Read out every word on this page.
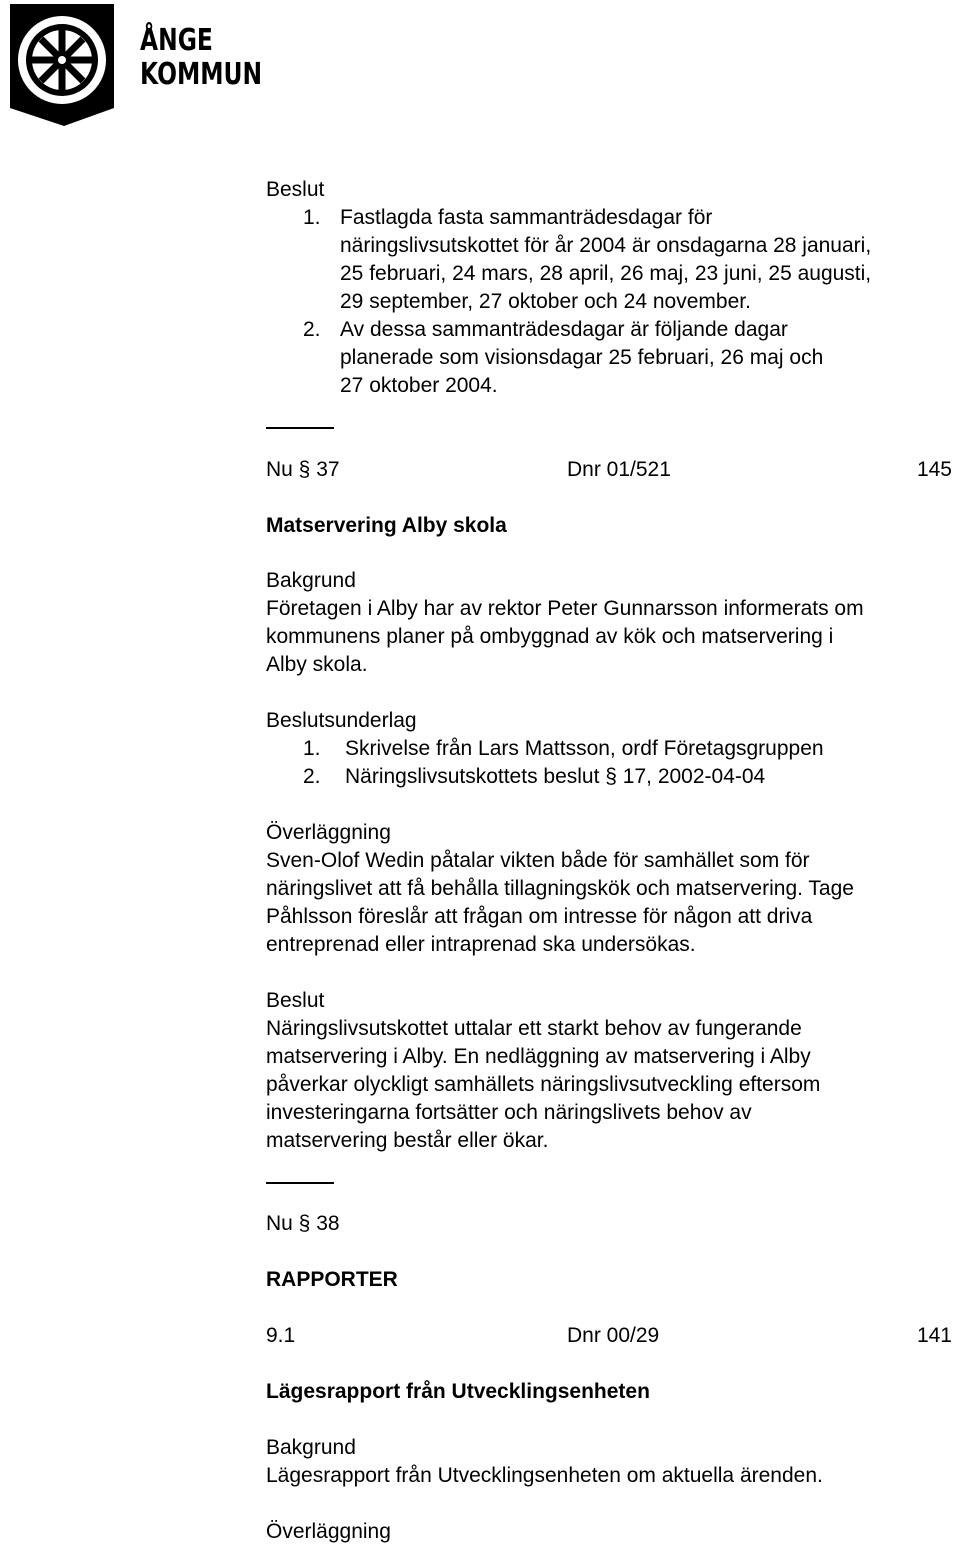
ÅNGE
KOMMUN
Beslut
1. Fastlagda fasta sammanträdesdagar för
näringslivsutskottet för år 2004 är onsdagarna 28 januari,
25 februari, 24 mars, 28 april, 26 maj, 23 juni, 25 augusti,
29 september, 27 oktober och 24 november.
2. Av dessa sammanträdesdagar är följande dagar
planerade som visionsdagar 25 februari, 26 maj och
27 oktober 2004.
Nu § 37	Dnr 01/521	145
Matservering Alby skola
Bakgrund
Företagen i Alby har av rektor Peter Gunnarsson informerats om
kommunens planer på ombyggnad av kök och matservering i
Alby skola.
Beslutsunderlag
1. Skrivelse från Lars Mattsson, ordf Företagsgruppen
2. Näringslivsutskottets beslut § 17, 2002-04-04
Överläggning
Sven-Olof Wedin påtalar vikten både för samhället som för
näringslivet att få behålla tillagningskök och matservering. Tage
Påhlsson föreslår att frågan om intresse för någon att driva
entreprenad eller intraprenad ska undersökas.
Beslut
Näringslivsutskottet uttalar ett starkt behov av fungerande
matservering i Alby. En nedläggning av matservering i Alby
påverkar olyckligt samhällets näringslivsutveckling eftersom
investeringarna fortsätter och näringslivets behov av
matservering består eller ökar.
Nu § 38
RAPPORTER
9.1	Dnr 00/29	141
Lägesrapport från Utvecklingsenheten
Bakgrund
Lägesrapport från Utvecklingsenheten om aktuella ärenden.
Överläggning
